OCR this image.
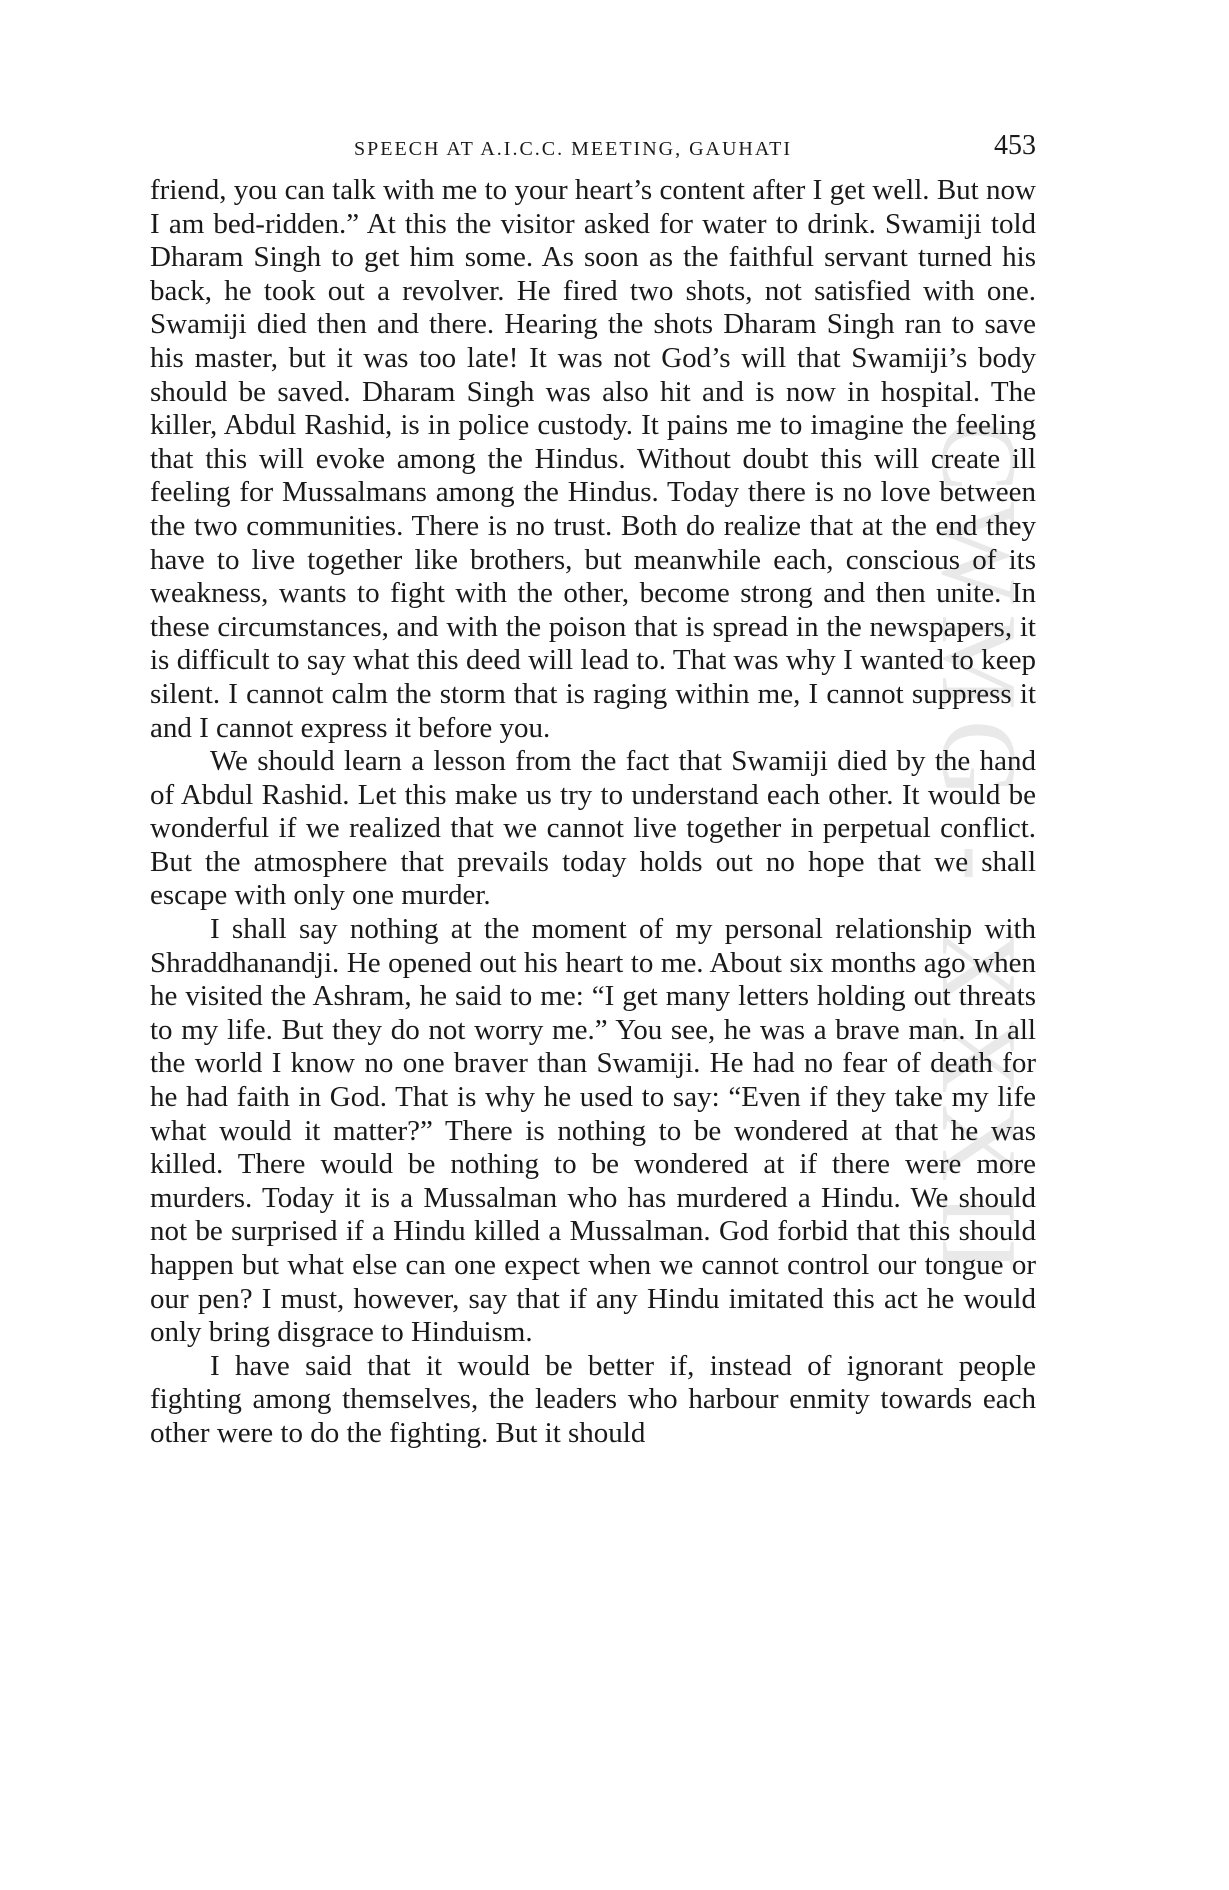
CWMG - XXXII
SPEECH AT A.I.C.C. MEETING, GAUHATI	453

friend, you can talk with me to your heart’s content after I get well. But now I am bed-ridden.” At this the visitor asked for water to drink. Swamiji told Dharam Singh to get him some. As soon as the faithful servant turned his back, he took out a revolver. He fired two shots, not satisfied with one. Swamiji died then and there. Hearing the shots Dharam Singh ran to save his master, but it was too late! It was not God’s will that Swamiji’s body should be saved. Dharam Singh was also hit and is now in hospital. The killer, Abdul Rashid, is in police custody. It pains me to imagine the feeling that this will evoke among the Hindus. Without doubt this will create ill feeling for Mussalmans among the Hindus. Today there is no love between the two communities. There is no trust. Both do realize that at the end they have to live together like brothers, but meanwhile each, conscious of its weakness, wants to fight with the other, become strong and then unite. In these circumstances, and with the poison that is spread in the newspapers, it is difficult to say what this deed will lead to. That was why I wanted to keep silent. I cannot calm the storm that is raging within me, I cannot suppress it and I cannot express it before you.

We should learn a lesson from the fact that Swamiji died by the hand of Abdul Rashid. Let this make us try to understand each other. It would be wonderful if we realized that we cannot live together in perpetual conflict. But the atmosphere that prevails today holds out no hope that we shall escape with only one murder.

I shall say nothing at the moment of my personal relationship with Shraddhanandji. He opened out his heart to me. About six months ago when he visited the Ashram, he said to me: “I get many letters holding out threats to my life. But they do not worry me.” You see, he was a brave man. In all the world I know no one braver than Swamiji. He had no fear of death for he had faith in God. That is why he used to say: “Even if they take my life what would it matter?” There is nothing to be wondered at that he was killed. There would be nothing to be wondered at if there were more murders. Today it is a Mussalman who has murdered a Hindu. We should not be surprised if a Hindu killed a Mussalman. God forbid that this should happen but what else can one expect when we cannot control our tongue or our pen? I must, however, say that if any Hindu imitated this act he would only bring disgrace to Hinduism.

I have said that it would be better if, instead of ignorant people fighting among themselves, the leaders who harbour enmity towards each other were to do the fighting. But it should
